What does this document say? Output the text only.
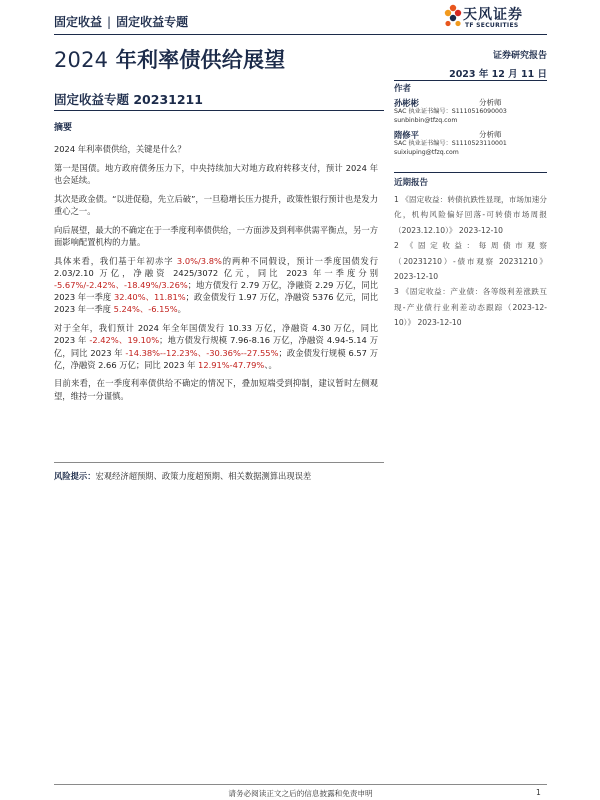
固定收益 | 固定收益专题	天风证券
TF SECURITIES
2024 年利率债供给展望	证券研究报告
2023 年 12 月 11 日
固定收益专题 20231211
摘要

2024 年利率债供给，关键是什么？

第一是国债。地方政府债务压力下，中央持续加大对地方政府转移支付，预计 2024 年也会延续。

其次是政金债。“以进促稳，先立后破”，一旦稳增长压力提升，政策性银行预计也是发力重心之一。

向后展望，最大的不确定在于一季度利率债供给，一方面涉及到利率供需平衡点，另一方面影响配置机构的力量。

具体来看，我们基于年初赤字 3.0%/3.8%的两种不同假设，预计一季度国债发行 2.03/2.10 万亿，净融资 2425/3072 亿元，同比 2023 年一季度分别 -5.67%/-2.42%、-18.49%/3.26%；地方债发行 2.79 万亿，净融资 2.29 万亿，同比 2023 年一季度 32.40%、11.81%；政金债发行 1.97 万亿，净融资 5376 亿元，同比 2023 年一季度 5.24%、-6.15%。

对于全年，我们预计 2024 年全年国债发行 10.33 万亿，净融资 4.30 万亿，同比 2023 年 -2.42%、19.10%；地方债发行规模 7.96-8.16 万亿，净融资 4.94-5.14 万亿，同比 2023 年 -14.38%--12.23%、-30.36%--27.55%；政金债发行规模 6.57 万亿，净融资 2.66 万亿；同比 2023 年 12.91%-47.79%、。

目前来看，在一季度利率债供给不确定的情况下，叠加短端受到抑制，建议暂时左侧观望，维持一分谨慎。

风险提示：宏观经济超预期、政策力度超预期、相关数据测算出现误差
作者
孙彬彬	分析师
SAC 执业证书编号：S1110516090003
sunbinbin@tfzq.com
隋修平	分析师
SAC 执业证书编号：S1110523110001
suixiuping@tfzq.com
近期报告
1 《固定收益：转债抗跌性显现，市场加速分化，机构风险偏好回落-可转债市场周报（2023.12.10）》 2023-12-10
2 《固定收益：每周债市观察（20231210）-债市观察 20231210》 2023-12-10
3 《固定收益：产业债：各等级利差涨跌互现-产业债行业利差动态跟踪（2023-12-10）》 2023-12-10
请务必阅读正文之后的信息披露和免责申明	1
